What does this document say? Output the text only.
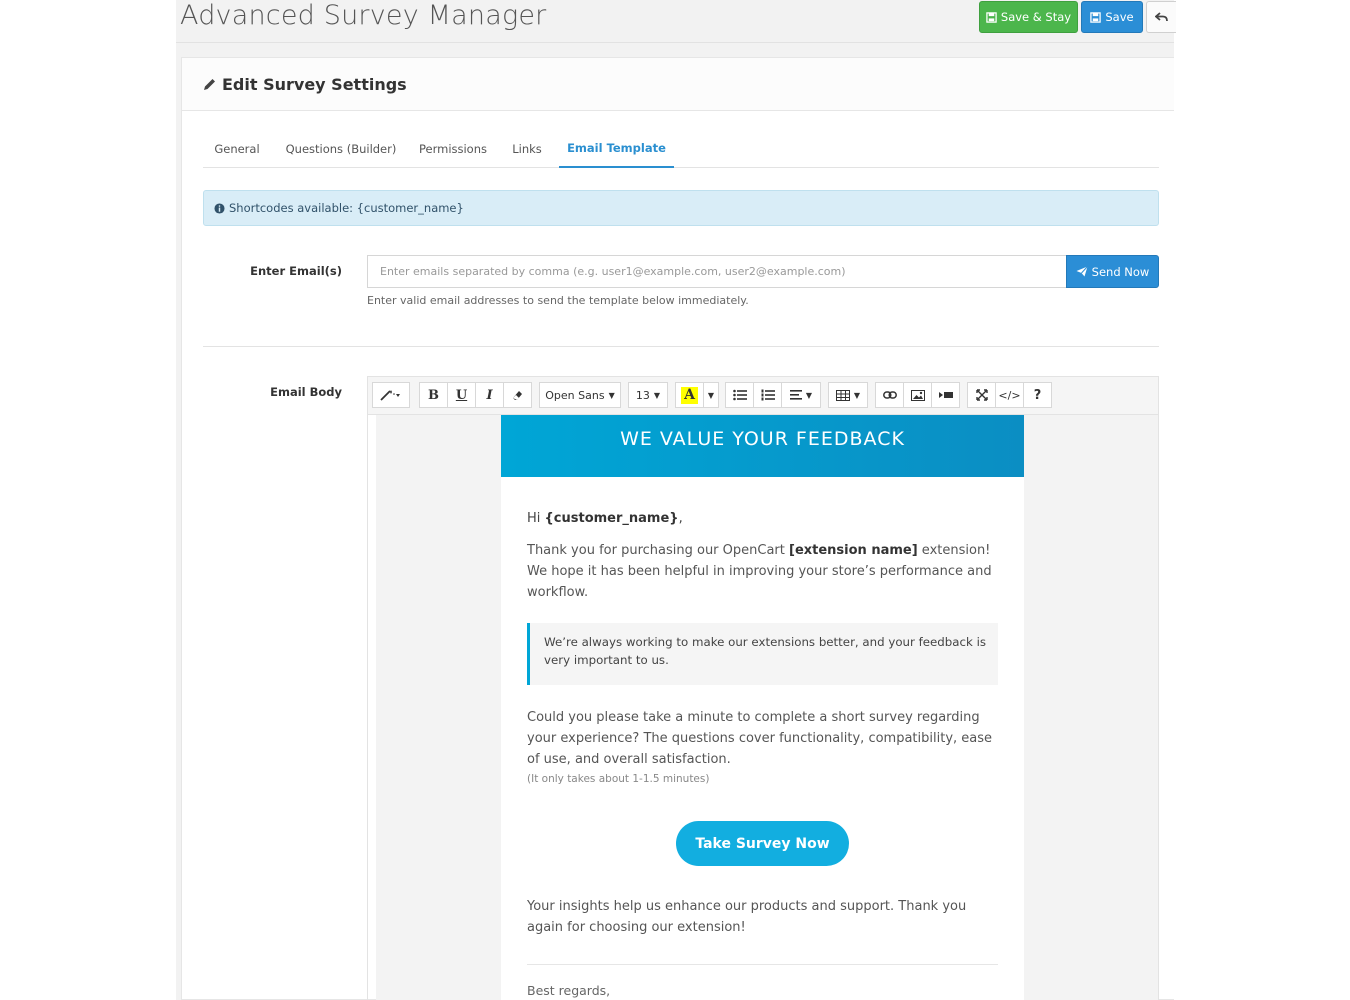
Advanced Survey Manager	Save & Stay	Save
Edit Survey Settings
General	Questions (Builder)	Permissions	Links	Email Template
Shortcodes available: {customer_name}
Enter Email(s)	Enter emails separated by comma (e.g. user1@example.com, user2@example.com)	Send Now
Enter valid email addresses to send the template below immediately.
Email Body	B	U	I	Open Sans ▼ 13 ▼ A	▼	▼	▼	</> ?
WE VALUE YOUR FEEDBACK
Hi {customer_name},
Thank you for purchasing our OpenCart [extension name] extension! We hope it has been helpful in improving your store’s performance and workflow.
We’re always working to make our extensions better, and your feedback is very important to us.
Could you please take a minute to complete a short survey regarding your experience? The questions cover functionality, compatibility, ease of use, and overall satisfaction.
(It only takes about 1-1.5 minutes)
Take Survey Now
Your insights help us enhance our products and support. Thank you again for choosing our extension!
Best regards,
